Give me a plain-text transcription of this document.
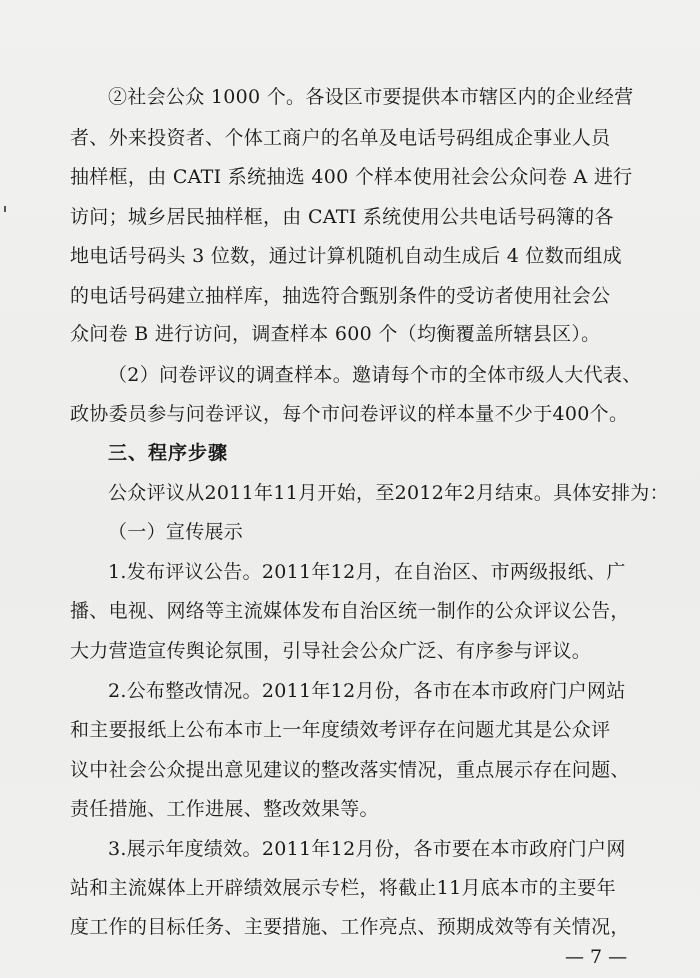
②社会公众 1000 个。各设区市要提供本市辖区内的企业经营
者、外来投资者、个体工商户的名单及电话号码组成企事业人员
抽样框，由 CATI 系统抽选 400 个样本使用社会公众问卷 A 进行
访问；城乡居民抽样框，由 CATI 系统使用公共电话号码簿的各
地电话号码头 3 位数，通过计算机随机自动生成后 4 位数而组成
的电话号码建立抽样库，抽选符合甄别条件的受访者使用社会公
众问卷 B 进行访问，调查样本 600 个（均衡覆盖所辖县区）。
（2）问卷评议的调查样本。邀请每个市的全体市级人大代表、
政协委员参与问卷评议，每个市问卷评议的样本量不少于400个。
三、程序步骤
公众评议从2011年11月开始，至2012年2月结束。具体安排为：
（一）宣传展示
1.发布评议公告。2011年12月，在自治区、市两级报纸、广
播、电视、网络等主流媒体发布自治区统一制作的公众评议公告，
大力营造宣传舆论氛围，引导社会公众广泛、有序参与评议。
2.公布整改情况。2011年12月份，各市在本市政府门户网站
和主要报纸上公布本市上一年度绩效考评存在问题尤其是公众评
议中社会公众提出意见建议的整改落实情况，重点展示存在问题、
责任措施、工作进展、整改效果等。
3.展示年度绩效。2011年12月份，各市要在本市政府门户网
站和主流媒体上开辟绩效展示专栏，将截止11月底本市的主要年
度工作的目标任务、主要措施、工作亮点、预期成效等有关情况，
— 7 —
